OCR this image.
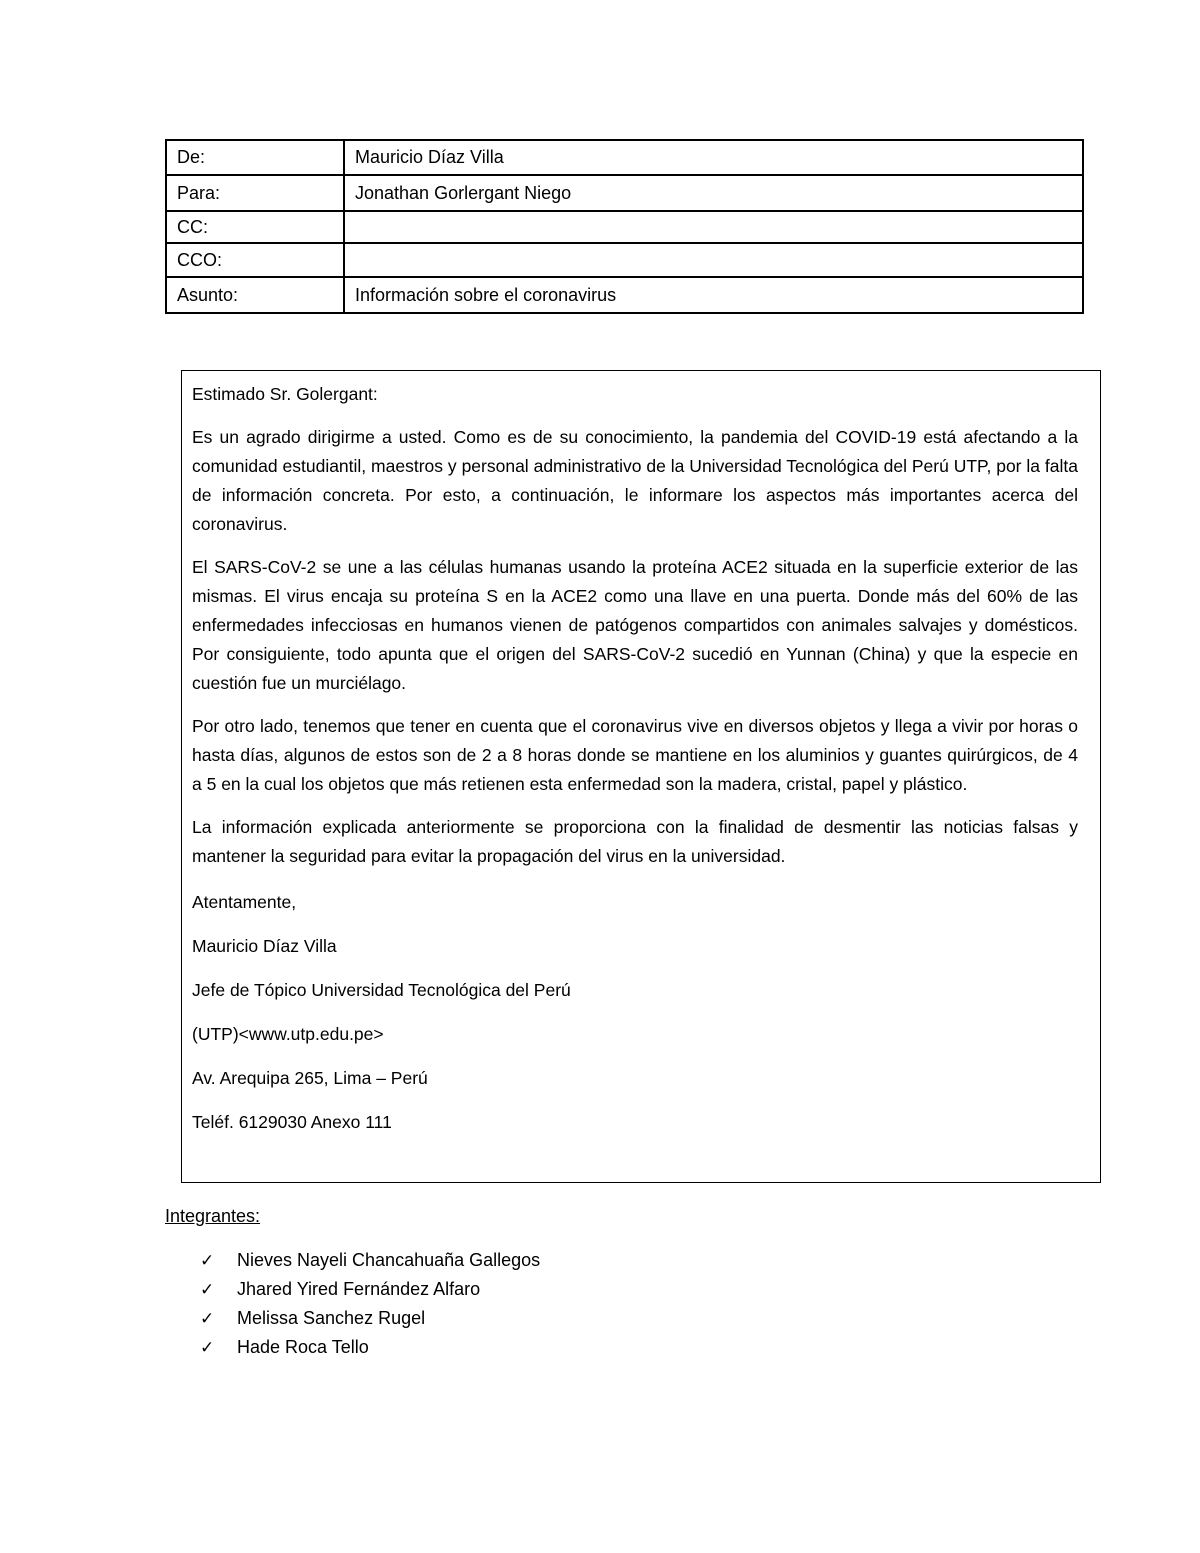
De:	Mauricio Díaz Villa
Para:	Jonathan Gorlergant Niego
CC:	
CCO:	
Asunto:	Información sobre el coronavirus

Estimado Sr. Golergant:

Es un agrado dirigirme a usted. Como es de su conocimiento, la pandemia del COVID-19 está afectando a la comunidad estudiantil, maestros y personal administrativo de la Universidad Tecnológica del Perú UTP, por la falta de información concreta. Por esto, a continuación, le informare los aspectos más importantes acerca del coronavirus.

El SARS-CoV-2 se une a las células humanas usando la proteína ACE2 situada en la superficie exterior de las mismas. El virus encaja su proteína S en la ACE2 como una llave en una puerta. Donde más del 60% de las enfermedades infecciosas en humanos vienen de patógenos compartidos con animales salvajes y domésticos. Por consiguiente, todo apunta que el origen del SARS-CoV-2 sucedió en Yunnan (China) y que la especie en cuestión fue un murciélago.

Por otro lado, tenemos que tener en cuenta que el coronavirus vive en diversos objetos y llega a vivir por horas o hasta días, algunos de estos son de 2 a 8 horas donde se mantiene en los aluminios y guantes quirúrgicos, de 4 a 5 en la cual los objetos que más retienen esta enfermedad son la madera, cristal, papel y plástico.

La información explicada anteriormente se proporciona con la finalidad de desmentir las noticias falsas y mantener la seguridad para evitar la propagación del virus en la universidad.

Atentamente,

Mauricio Díaz Villa

Jefe de Tópico Universidad Tecnológica del Perú

(UTP)<www.utp.edu.pe>

Av. Arequipa 265, Lima – Perú

Teléf. 6129030 Anexo 111

Integrantes:

✓	Nieves Nayeli Chancahuaña Gallegos
✓	Jhared Yired Fernández Alfaro
✓	Melissa Sanchez Rugel
✓	Hade Roca Tello
